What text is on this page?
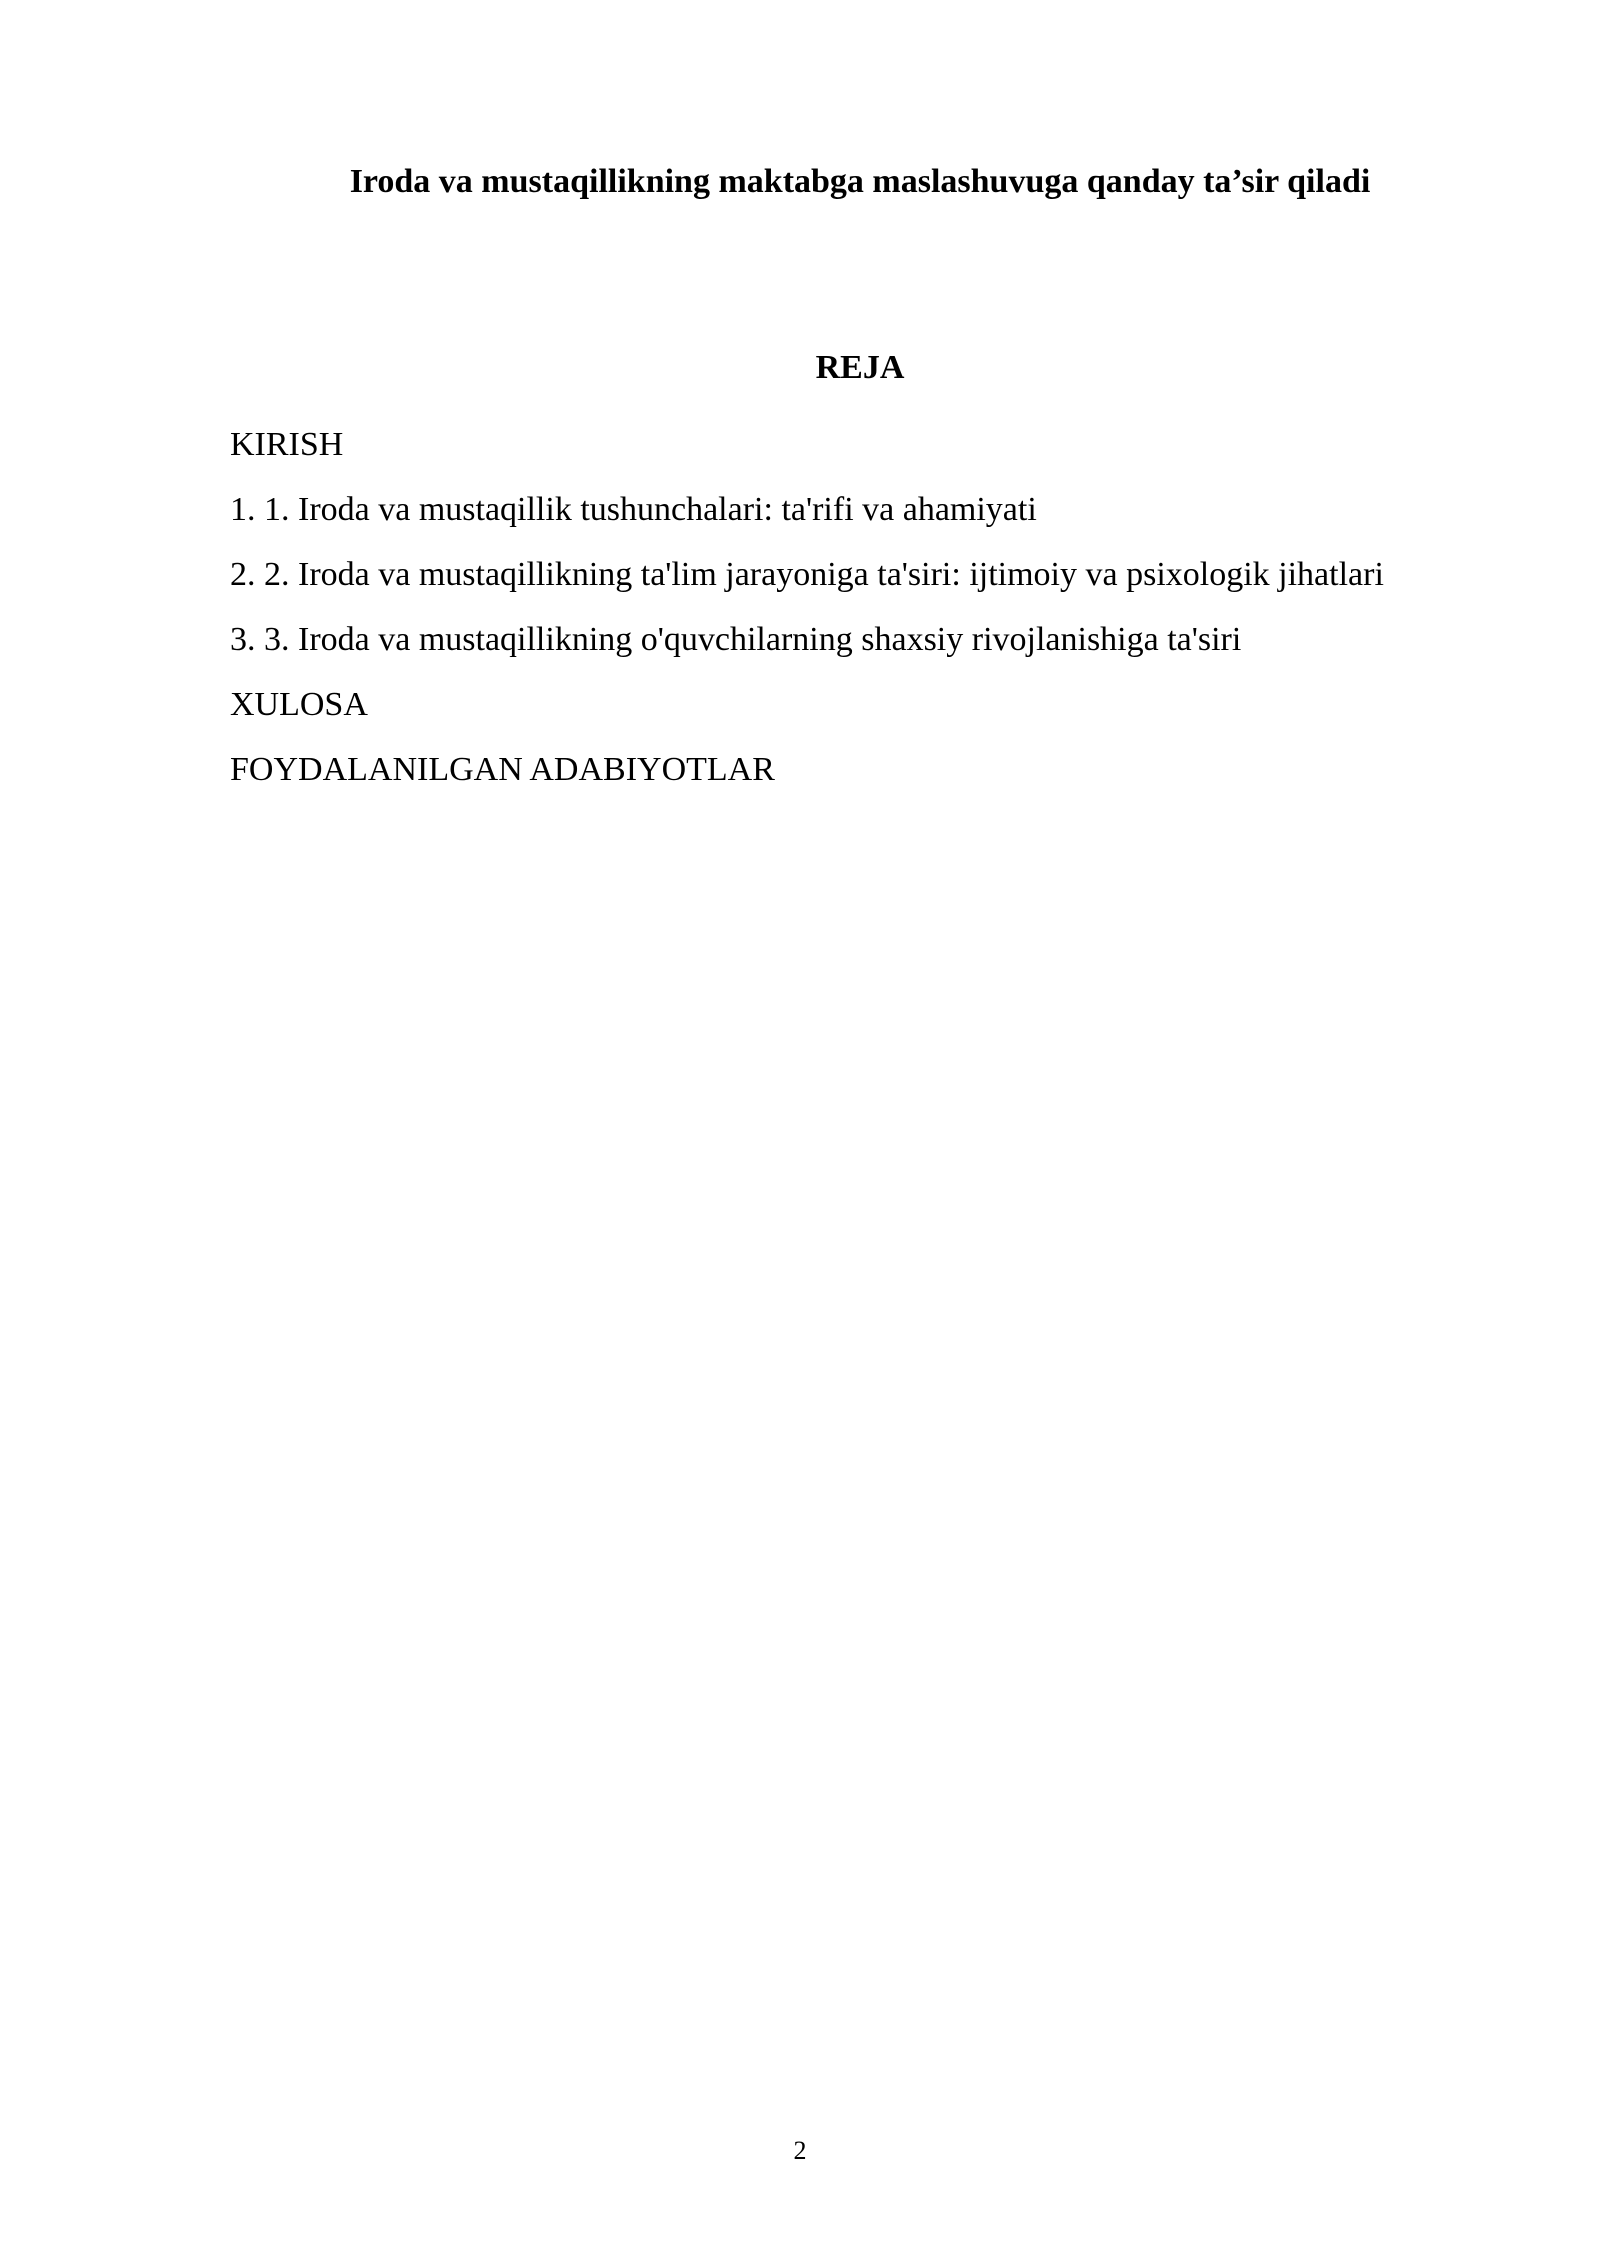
Iroda va mustaqillikning maktabga maslashuvuga qanday ta’sir qiladi
REJA
KIRISH
1. 1. Iroda va mustaqillik tushunchalari: ta'rifi va ahamiyati
2. 2. Iroda va mustaqillikning ta'lim jarayoniga ta'siri: ijtimoiy va psixologik jihatlari
3. 3. Iroda va mustaqillikning o'quvchilarning shaxsiy rivojlanishiga ta'siri
XULOSA
FOYDALANILGAN ADABIYOTLAR
2
